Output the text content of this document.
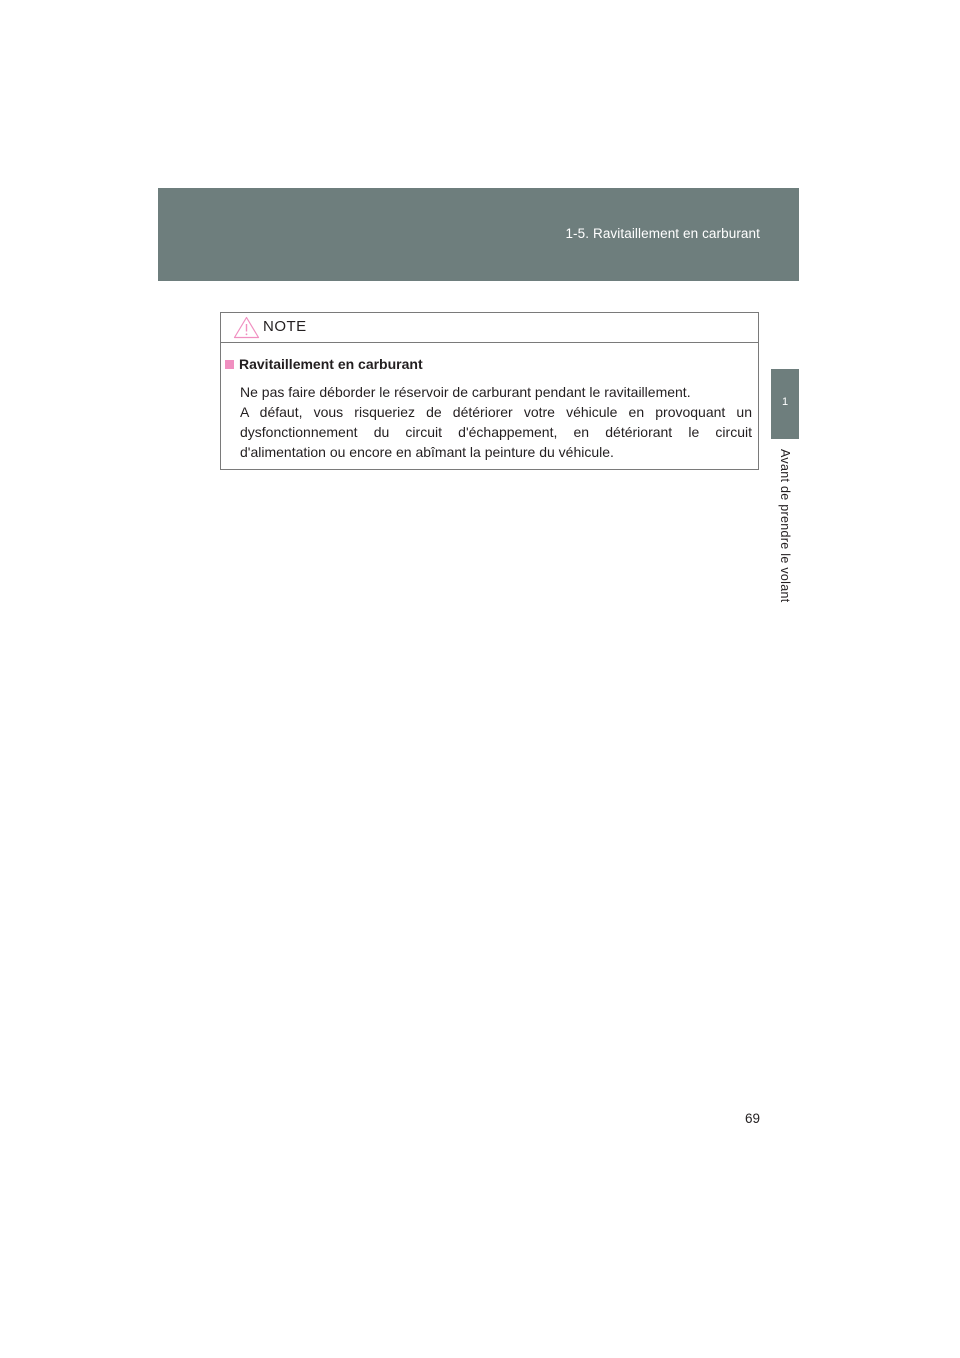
1-5. Ravitaillement en carburant
1
Avant de prendre le volant
NOTE
Ravitaillement en carburant

Ne pas faire déborder le réservoir de carburant pendant le ravitaillement.

A défaut, vous risqueriez de détériorer votre véhicule en provoquant un dysfonctionnement du circuit d'échappement, en détériorant le circuit d'alimentation ou encore en abîmant la peinture du véhicule.

69
